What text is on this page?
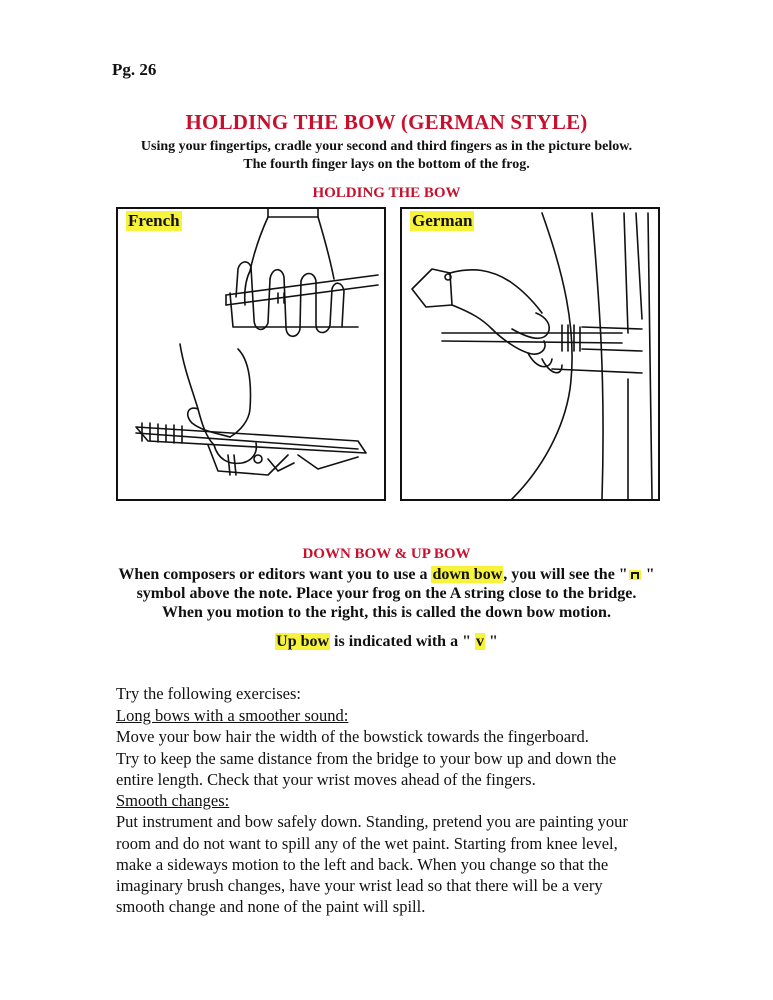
Pg. 26
HOLDING THE BOW (GERMAN STYLE)
Using your fingertips, cradle your second and third fingers as in the picture below.
The fourth finger lays on the bottom of the frog.
HOLDING THE BOW
French	German
DOWN BOW & UP BOW
When composers or editors want you to use a down bow, you will see the " "
symbol above the note. Place your frog on the A string close to the bridge.
When you motion to the right, this is called the down bow motion.
Up bow is indicated with a " v "
Try the following exercises:
Long bows with a smoother sound:
Move your bow hair the width of the bowstick towards the fingerboard.
Try to keep the same distance from the bridge to your bow up and down the
entire length. Check that your wrist moves ahead of the fingers.
Smooth changes:
Put instrument and bow safely down. Standing, pretend you are painting your
room and do not want to spill any of the wet paint. Starting from knee level,
make a sideways motion to the left and back. When you change so that the
imaginary brush changes, have your wrist lead so that there will be a very
smooth change and none of the paint will spill.
